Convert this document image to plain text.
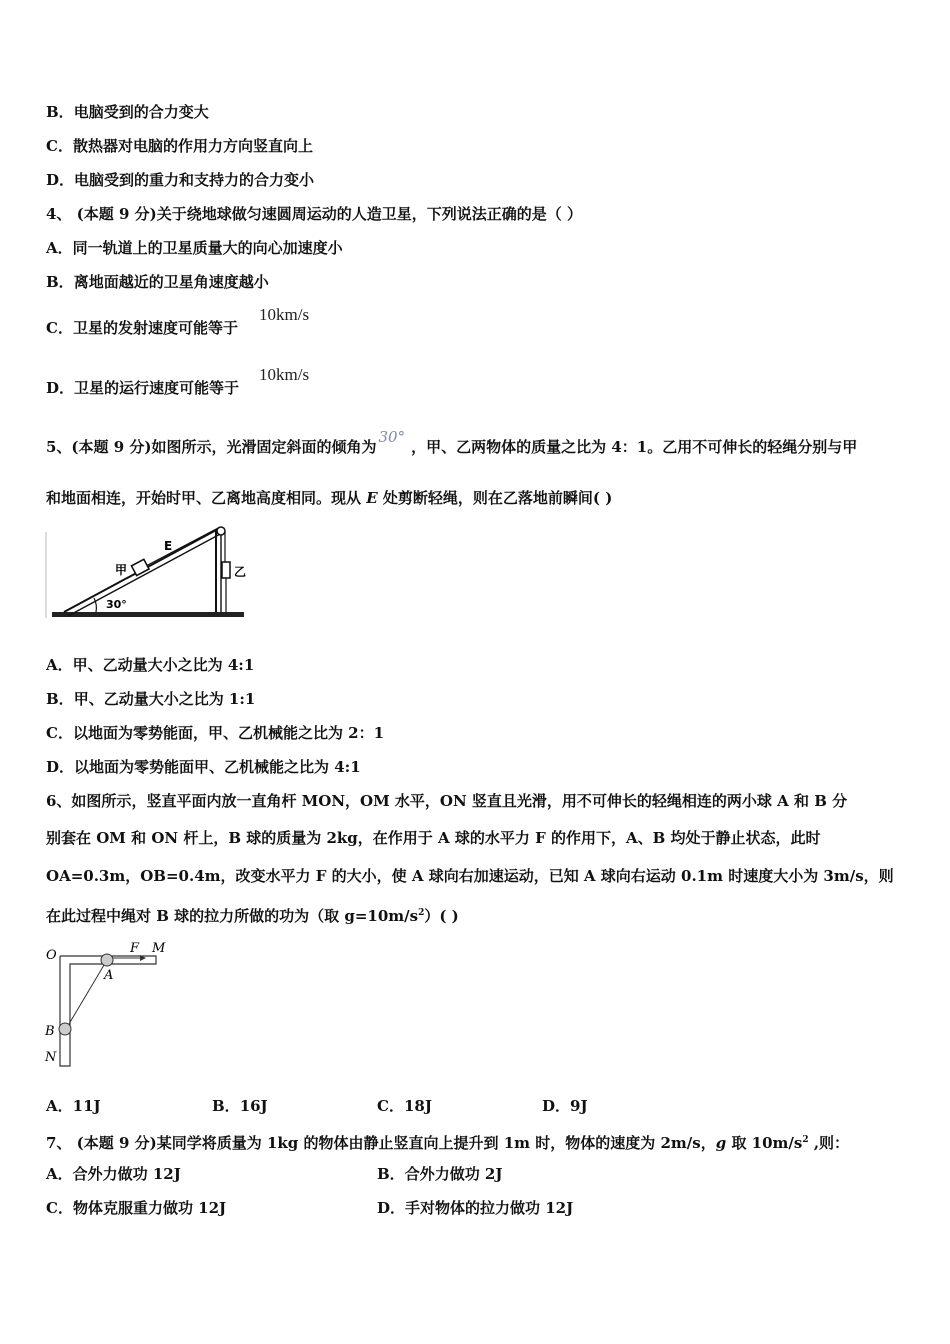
B．电脑受到的合力变大
C．散热器对电脑的作用力方向竖直向上
D．电脑受到的重力和支持力的合力变小
4、 (本题 9 分)关于绕地球做匀速圆周运动的人造卫星，下列说法正确的是（ ）
A．同一轨道上的卫星质量大的向心加速度小
B．离地面越近的卫星角速度越小
C．卫星的发射速度可能等于
10km/s
D．卫星的运行速度可能等于
10km/s
5、(本题 9 分)如图所示，光滑固定斜面的倾角为30°，甲、乙两物体的质量之比为 4：1。乙用不可伸长的轻绳分别与甲
和地面相连，开始时甲、乙离地高度相同。现从 E 处剪断轻绳，则在乙落地前瞬间( )
甲
E
乙
30°
A．甲、乙动量大小之比为 4:1
B．甲、乙动量大小之比为 1:1
C．以地面为零势能面，甲、乙机械能之比为 2：1
D．以地面为零势能面甲、乙机械能之比为 4:1
6、如图所示，竖直平面内放一直角杆 MON，OM 水平，ON 竖直且光滑，用不可伸长的轻绳相连的两小球 A 和 B 分
别套在 OM 和 ON 杆上，B 球的质量为 2kg，在作用于 A 球的水平力 F 的作用下，A、B 均处于静止状态，此时
OA=0.3m，OB=0.4m，改变水平力 F 的大小，使 A 球向右加速运动，已知 A 球向右运动 0.1m 时速度大小为 3m/s，则
在此过程中绳对 B 球的拉力所做的功为（取 $g=10m/s^2$）( )
O	F M
A
B
N
A．11J	B．16J	C．18J	D．9J
7、 (本题 9 分)某同学将质量为 1kg 的物体由静止竖直向上提升到 1m 时，物体的速度为 2m/s，g 取 $10m/s^2$ ,则：
A．合外力做功 12J	B．合外力做功 2J
C．物体克服重力做功 12J	D．手对物体的拉力做功 12J
